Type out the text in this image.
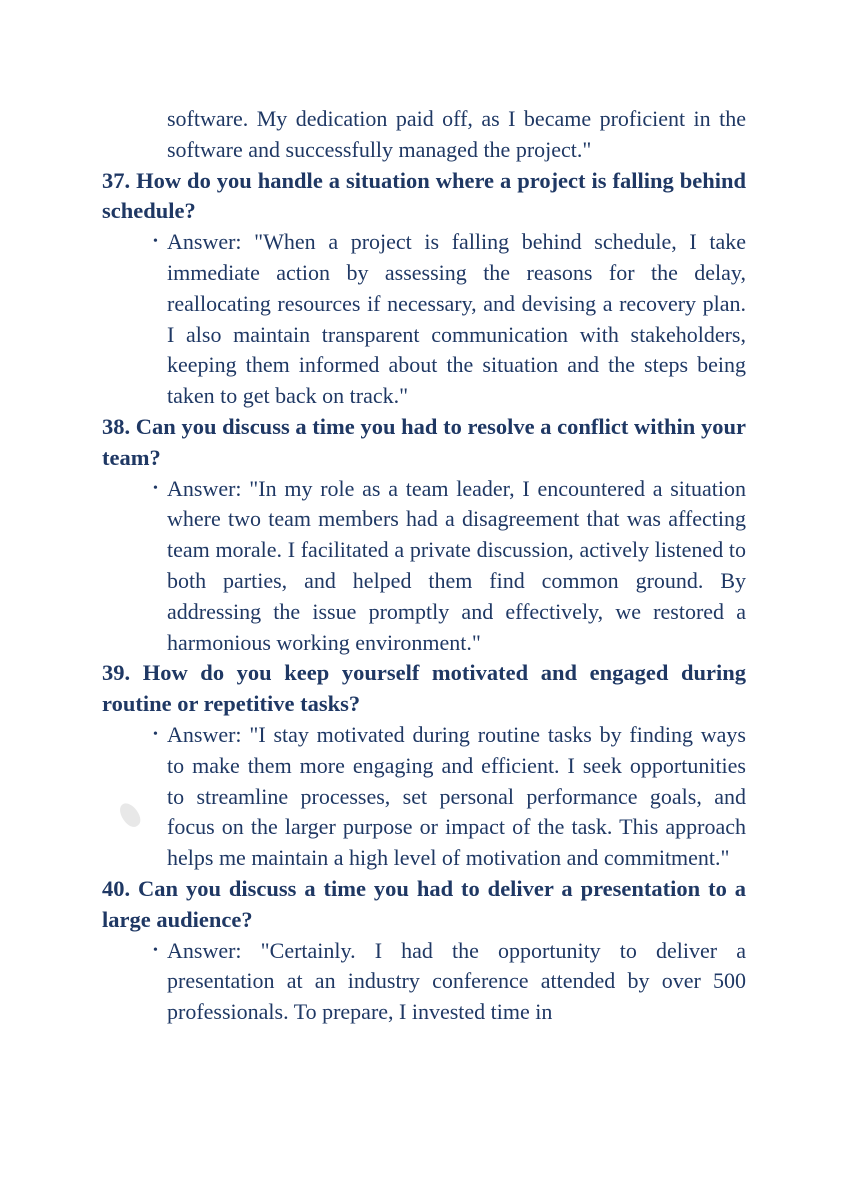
software. My dedication paid off, as I became proficient in the software and successfully managed the project."

37. How do you handle a situation where a project is falling behind schedule?

• Answer: "When a project is falling behind schedule, I take immediate action by assessing the reasons for the delay, reallocating resources if necessary, and devising a recovery plan. I also maintain transparent communication with stakeholders, keeping them informed about the situation and the steps being taken to get back on track."

38. Can you discuss a time you had to resolve a conflict within your team?

• Answer: "In my role as a team leader, I encountered a situation where two team members had a disagreement that was affecting team morale. I facilitated a private discussion, actively listened to both parties, and helped them find common ground. By addressing the issue promptly and effectively, we restored a harmonious working environment."

39. How do you keep yourself motivated and engaged during routine or repetitive tasks?

• Answer: "I stay motivated during routine tasks by finding ways to make them more engaging and efficient. I seek opportunities to streamline processes, set personal performance goals, and focus on the larger purpose or impact of the task. This approach helps me maintain a high level of motivation and commitment."

40. Can you discuss a time you had to deliver a presentation to a large audience?

• Answer: "Certainly. I had the opportunity to deliver a presentation at an industry conference attended by over 500 professionals. To prepare, I invested time in
